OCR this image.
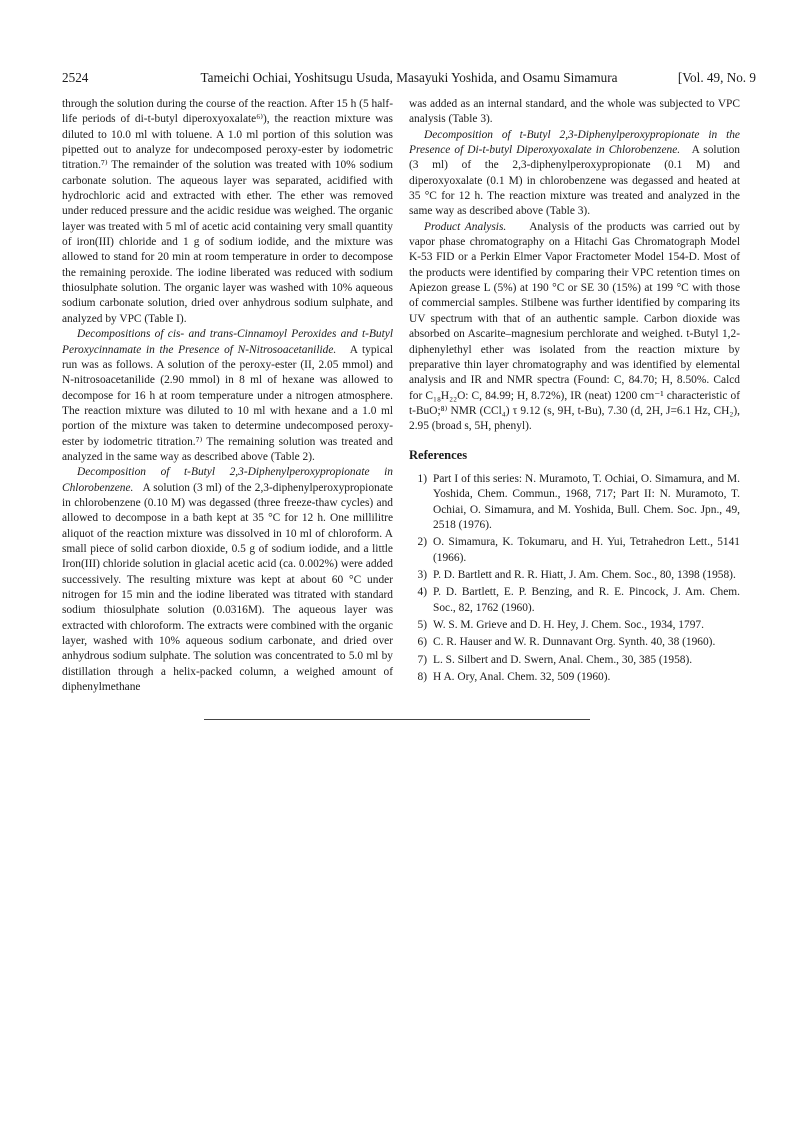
2524	Tameichi Ochiai, Yoshitsugu Usuda, Masayuki Yoshida, and Osamu Simamura	[Vol. 49, No. 9

through the solution during the course of the reaction. After 15 h (5 half-life periods of di-t-butyl diperoxyoxalate⁶⁾), the reaction mixture was diluted to 10.0 ml with toluene. A 1.0 ml portion of this solution was pipetted out to analyze for undecomposed peroxy-ester by iodometric titration.⁷⁾ The remainder of the solution was treated with 10% sodium carbonate solution. The aqueous layer was separated, acidified with hydrochloric acid and extracted with ether. The ether was removed under reduced pressure and the acidic residue was weighed. The organic layer was treated with 5 ml of acetic acid containing very small quantity of iron(III) chloride and 1 g of sodium iodide, and the mixture was allowed to stand for 20 min at room temperature in order to decompose the remaining peroxide. The iodine liberated was reduced with sodium thiosulphate solution. The organic layer was washed with 10% aqueous sodium carbonate solution, dried over anhydrous sodium sulphate, and analyzed by VPC (Table I).

Decompositions of cis- and trans-Cinnamoyl Peroxides and t-Butyl Peroxycinnamate in the Presence of N-Nitrosoacetanilide. A typical run was as follows. A solution of the peroxy-ester (II, 2.05 mmol) and N-nitrosoacetanilide (2.90 mmol) in 8 ml of hexane was allowed to decompose for 16 h at room temperature under a nitrogen atmosphere. The reaction mixture was diluted to 10 ml with hexane and a 1.0 ml portion of the mixture was taken to determine undecomposed peroxy-ester by iodometric titration.⁷⁾ The remaining solution was treated and analyzed in the same way as described above (Table 2).

Decomposition of t-Butyl 2,3-Diphenylperoxypropionate in Chlorobenzene. A solution (3 ml) of the 2,3-diphenylperoxypropionate in chlorobenzene (0.10 M) was degassed (three freeze-thaw cycles) and allowed to decompose in a bath kept at 35 °C for 12 h. One millilitre aliquot of the reaction mixture was dissolved in 10 ml of chloroform. A small piece of solid carbon dioxide, 0.5 g of sodium iodide, and a little Iron(III) chloride solution in glacial acetic acid (ca. 0.002%) were added successively. The resulting mixture was kept at about 60 °C under nitrogen for 15 min and the iodine liberated was titrated with standard sodium thiosulphate solution (0.0316M). The aqueous layer was extracted with chloroform. The extracts were combined with the organic layer, washed with 10% aqueous sodium carbonate, and dried over anhydrous sodium sulphate. The solution was concentrated to 5.0 ml by distillation through a helix-packed column, a weighed amount of diphenylmethane

was added as an internal standard, and the whole was subjected to VPC analysis (Table 3).

Decomposition of t-Butyl 2,3-Diphenylperoxypropionate in the Presence of Di-t-butyl Diperoxyoxalate in Chlorobenzene. A solution (3 ml) of the 2,3-diphenylperoxypropionate (0.1 M) and diperoxyoxalate (0.1 M) in chlorobenzene was degassed and heated at 35 °C for 12 h. The reaction mixture was treated and analyzed in the same way as described above (Table 3).

Product Analysis. Analysis of the products was carried out by vapor phase chromatography on a Hitachi Gas Chromatograph Model K-53 FID or a Perkin Elmer Vapor Fractometer Model 154-D. Most of the products were identified by comparing their VPC retention times on Apiezon grease L (5%) at 190 °C or SE 30 (15%) at 199 °C with those of commercial samples. Stilbene was further identified by comparing its UV spectrum with that of an authentic sample. Carbon dioxide was absorbed on Ascarite–magnesium perchlorate and weighed. t-Butyl 1,2-diphenylethyl ether was isolated from the reaction mixture by preparative thin layer chromatography and was identified by elemental analysis and IR and NMR spectra (Found: C, 84.70; H, 8.50%. Calcd for C₁₈H₂₂O: C, 84.99; H, 8.72%), IR (neat) 1200 cm⁻¹ characteristic of t-BuO;⁸⁾ NMR (CCl₄) τ 9.12 (s, 9H, t-Bu), 7.30 (d, 2H, J=6.1 Hz, CH₂), 2.95 (broad s, 5H, phenyl).

References
1) Part I of this series: N. Muramoto, T. Ochiai, O. Simamura, and M. Yoshida, Chem. Commun., 1968, 717; Part II: N. Muramoto, T. Ochiai, O. Simamura, and M. Yoshida, Bull. Chem. Soc. Jpn., 49, 2518 (1976).
2) O. Simamura, K. Tokumaru, and H. Yui, Tetrahedron Lett., 5141 (1966).
3) P. D. Bartlett and R. R. Hiatt, J. Am. Chem. Soc., 80, 1398 (1958).
4) P. D. Bartlett, E. P. Benzing, and R. E. Pincock, J. Am. Chem. Soc., 82, 1762 (1960).
5) W. S. M. Grieve and D. H. Hey, J. Chem. Soc., 1934, 1797.
6) C. R. Hauser and W. R. Dunnavant Org. Synth. 40, 38 (1960).
7) L. S. Silbert and D. Swern, Anal. Chem., 30, 385 (1958).
8) H A. Ory, Anal. Chem. 32, 509 (1960).
